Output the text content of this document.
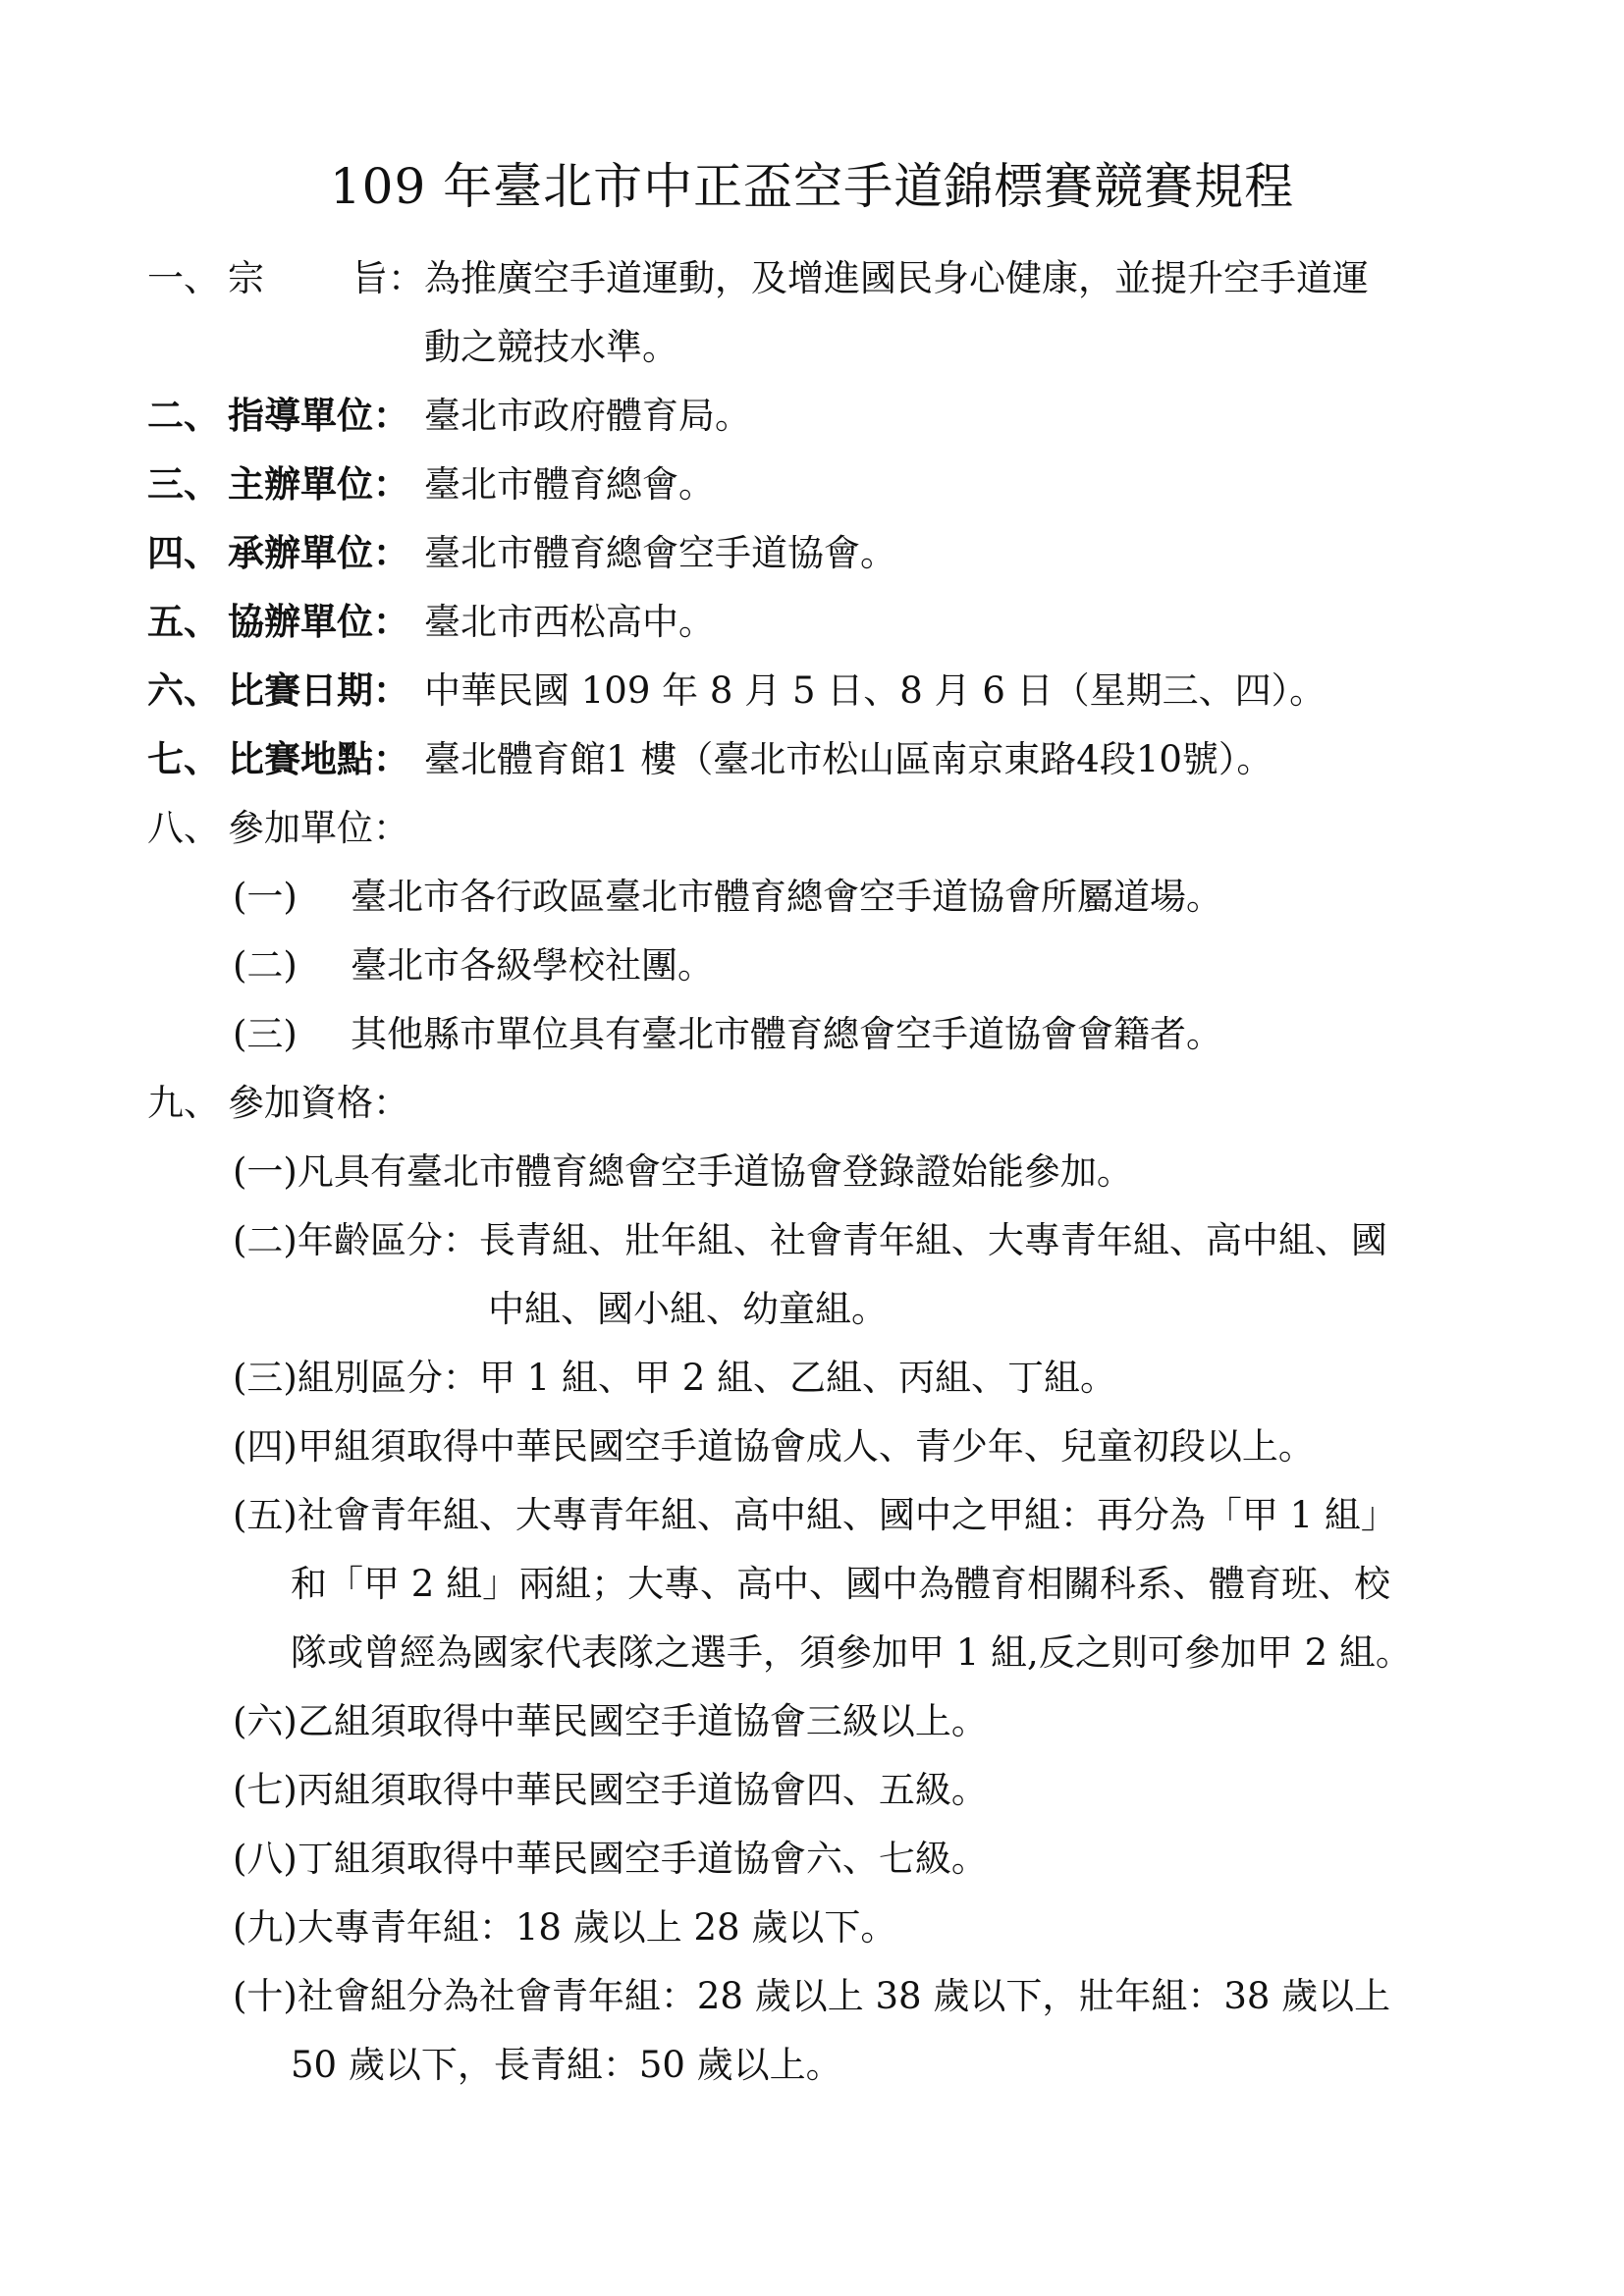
109 年臺北市中正盃空手道錦標賽競賽規程
一、 宗 旨： 為推廣空手道運動，及增進國民身心健康，並提升空手道運
動之競技水準。
二、 指導單位： 臺北市政府體育局。
三、 主辦單位： 臺北市體育總會。
四、 承辦單位： 臺北市體育總會空手道協會。
五、 協辦單位： 臺北市西松高中。
六、 比賽日期： 中華民國 109 年 8 月 5 日、8 月 6 日（星期三、四）。
七、 比賽地點： 臺北體育館1 樓（臺北市松山區南京東路4段10號）。
八、 參加單位：
(一) 臺北市各行政區臺北市體育總會空手道協會所屬道場。
(二) 臺北市各級學校社團。
(三) 其他縣市單位具有臺北市體育總會空手道協會會籍者。
九、 參加資格：
(一)凡具有臺北市體育總會空手道協會登錄證始能參加。
(二)年齡區分：長青組、壯年組、社會青年組、大專青年組、高中組、國
中組、國小組、幼童組。
(三)組別區分：甲 1 組、甲 2 組、乙組、丙組、丁組。
(四)甲組須取得中華民國空手道協會成人、青少年、兒童初段以上。
(五)社會青年組、大專青年組、高中組、國中之甲組：再分為「甲 1 組」
和「甲 2 組」兩組；大專、高中、國中為體育相關科系、體育班、校
隊或曾經為國家代表隊之選手，須參加甲 1 組,反之則可參加甲 2 組。
(六)乙組須取得中華民國空手道協會三級以上。
(七)丙組須取得中華民國空手道協會四、五級。
(八)丁組須取得中華民國空手道協會六、七級。
(九)大專青年組：18 歲以上 28 歲以下。
(十)社會組分為社會青年組：28 歲以上 38 歲以下，壯年組：38 歲以上
50 歲以下，長青組：50 歲以上。
